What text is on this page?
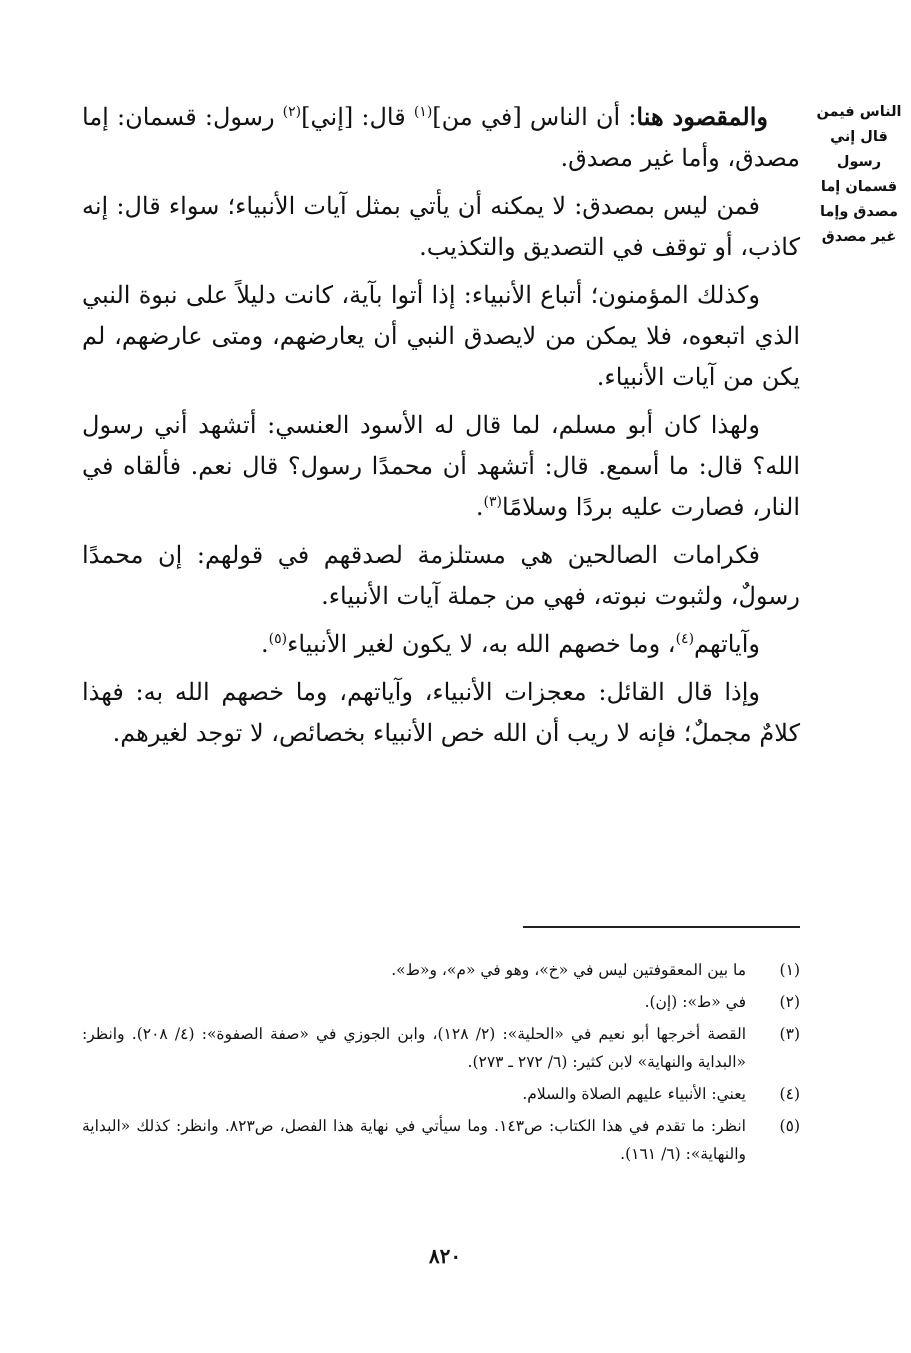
الناس فيمن قال إني رسول قسمان إما مصدق وإما غير مصدق

والمقصود هنا: أن الناس [في من]$^{(١)}$ قال: [إني]$^{(٢)}$ رسول: قسمان: إما مصدق، وأما غير مصدق.

فمن ليس بمصدق: لا يمكنه أن يأتي بمثل آيات الأنبياء؛ سواء قال: إنه كاذب، أو توقف في التصديق والتكذيب.

وكذلك المؤمنون؛ أتباع الأنبياء: إذا أتوا بآية، كانت دليلاً على نبوة النبي الذي اتبعوه، فلا يمكن من لايصدق النبي أن يعارضهم، ومتى عارضهم، لم يكن من آيات الأنبياء.

ولهذا كان أبو مسلم، لما قال له الأسود العنسي: أتشهد أني رسول الله؟ قال: ما أسمع. قال: أتشهد أن محمدًا رسول؟ قال نعم. فألقاه في النار، فصارت عليه بردًا وسلامًا$^{(٣)}$.

فكرامات الصالحين هي مستلزمة لصدقهم في قولهم: إن محمدًا رسولٌ، ولثبوت نبوته، فهي من جملة آيات الأنبياء.

وآياتهم$^{(٤)}$، وما خصهم الله به، لا يكون لغير الأنبياء$^{(٥)}$.

وإذا قال القائل: معجزات الأنبياء، وآياتهم، وما خصهم الله به: فهذا كلامٌ مجملٌ؛ فإنه لا ريب أن الله خص الأنبياء بخصائص، لا توجد لغيرهم.

(١)
ما بين المعقوفتين ليس في «خ»، وهو في «م»، و«ط».
(٢)
في «ط»: (إن).
(٣)
القصة أخرجها أبو نعيم في «الحلية»: (٢/ ١٢٨)، وابن الجوزي في «صفة الصفوة»: (٤/ ٢٠٨). وانظر: «البداية والنهاية» لابن كثير: (٦/ ٢٧٢ ـ ٢٧٣).
(٤)
يعني: الأنبياء عليهم الصلاة والسلام.
(٥)
انظر: ما تقدم في هذا الكتاب: ص١٤٣. وما سيأتي في نهاية هذا الفصل، ص٨٢٣. وانظر: كذلك «البداية والنهاية»: (٦/ ١٦١).
٨٢٠
